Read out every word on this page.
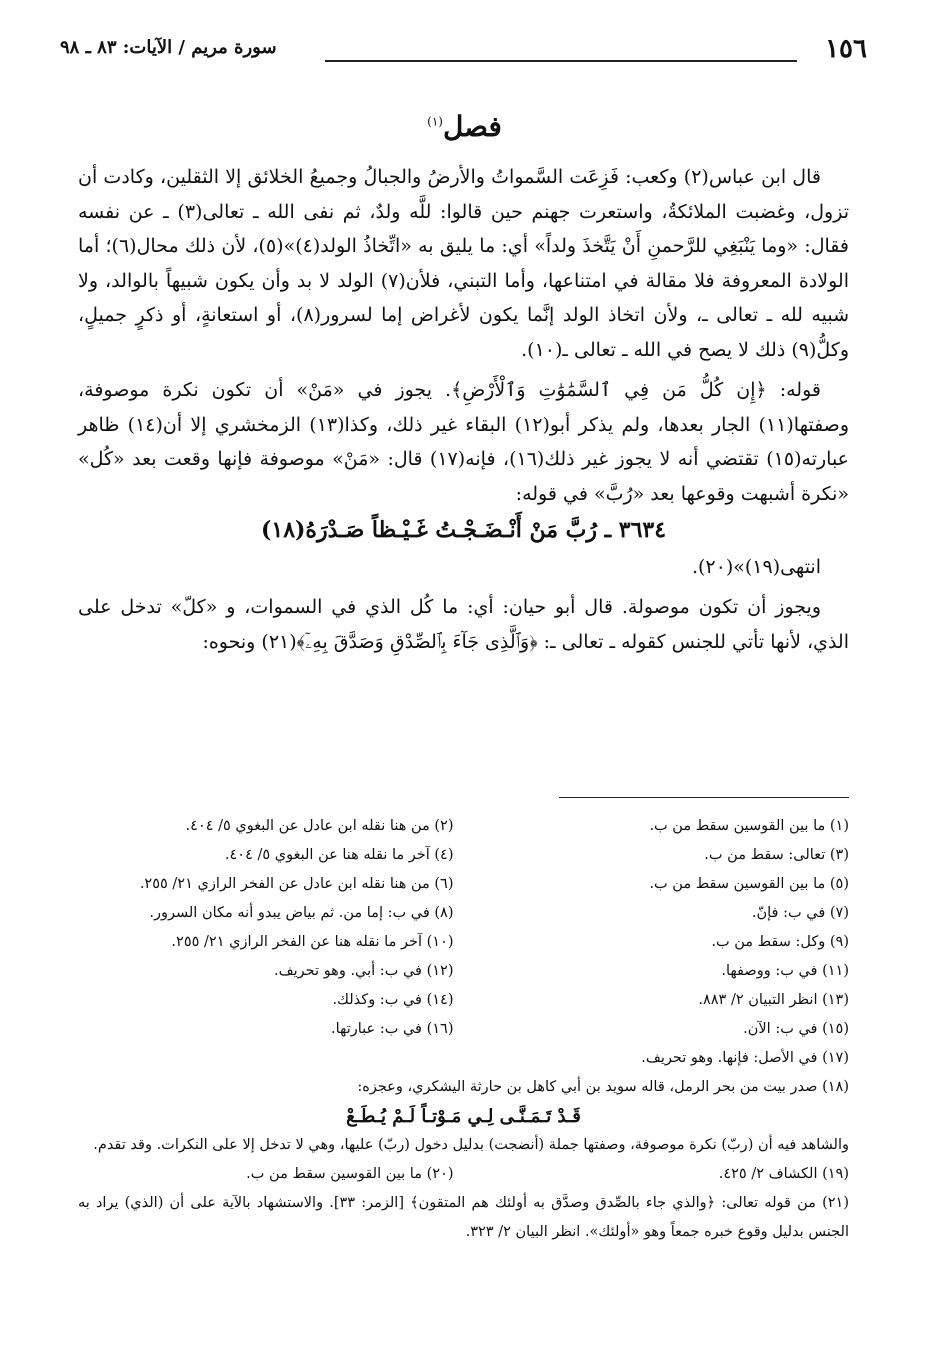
١٥٦
سورة مريم / الآيات: ٨٣ ـ ٩٨
فصل$^{(١)}$

قال ابن عباس(٢) وكعب: فَزِعَت السَّمواتُ والأرضُ والجبالُ وجميعُ الخلائق إلا الثقلين، وكادت أن تزول، وغضبت الملائكةُ، واستعرت جهنم حين قالوا: للَّه ولدٌ، ثم نفى الله ـ تعالى(٣) ـ عن نفسه فقال: «وما يَنْبَغِي للرَّحمنِ أَنْ يَتَّخذَ ولداً» أي: ما يليق به «اتِّخاذُ الولد(٤)»(٥)، لأن ذلك محال(٦)؛ أما الولادة المعروفة فلا مقالة في امتناعها، وأما التبني، فلأن(٧) الولد لا بد وأن يكون شبيهاً بالوالد، ولا شبيه لله ـ تعالى ـ، ولأن اتخاذ الولد إنَّما يكون لأغراض إما لسرور(٨)، أو استعانةٍ، أو ذكرٍ جميلٍ، وكلُّ(٩) ذلك لا يصح في الله ـ تعالى ـ(١٠).

قوله: ﴿إِن كُلُّ مَن فِي ٱلسَّمَٰوَٰتِ وَٱلْأَرْضِ﴾. يجوز في «مَنْ» أن تكون نكرة موصوفة، وصفتها(١١) الجار بعدها، ولم يذكر أبو(١٢) البقاء غير ذلك، وكذا(١٣) الزمخشري إلا أن(١٤) ظاهر عبارته(١٥) تقتضي أنه لا يجوز غير ذلك(١٦)، فإنه(١٧) قال: «مَنْ» موصوفة فإنها وقعت بعد «كُل» «نكرة أشبهت وقوعها بعد «رُبَّ» في قوله:

٣٦٣٤ ـ رُبَّ مَنْ أَنْـضَـجْـتُ غَـيْـظاً صَـدْرَهُ(١٨)

انتهى(١٩)»(٢٠).

ويجوز أن تكون موصولة. قال أبو حيان: أي: ما كُل الذي في السموات، و «كلّ» تدخل على الذي، لأنها تأتي للجنس كقوله ـ تعالى ـ: ﴿وَٱلَّذِى جَآءَ بِٱلصِّدْقِ وَصَدَّقَ بِهِۦٓ﴾(٢١) ونحوه:

(١) ما بين القوسين سقط من ب.
(٢) من هنا نقله ابن عادل عن البغوي ٥/ ٤٠٤.
(٣) تعالى: سقط من ب.
(٤) آخر ما نقله هنا عن البغوي ٥/ ٤٠٤.
(٥) ما بين القوسين سقط من ب.
(٦) من هنا نقله ابن عادل عن الفخر الرازي ٢١/ ٢٥٥.
(٧) في ب: فإنّ.
(٨) في ب: إما من. ثم بياض يبدو أنه مكان السرور.
(٩) وكل: سقط من ب.
(١٠) آخر ما نقله هنا عن الفخر الرازي ٢١/ ٢٥٥.
(١١) في ب: ووصفها.
(١٢) في ب: أبي. وهو تحريف.
(١٣) انظر التبيان ٢/ ٨٨٣.
(١٤) في ب: وكذلك.
(١٥) في ب: الآن.
(١٦) في ب: عبارتها.
(١٧) في الأصل: فإنها. وهو تحريف.
(١٨) صدر بيت من بحر الرمل، قاله سويد بن أبي كاهل بن حارثة اليشكري، وعجزه:
قَـدْ تَـمَـنَّـى لِـي مَـوْتـاً لَـمْ يُـطَـعْ
والشاهد فيه أن (ربّ) نكرة موصوفة، وصفتها جملة (أنضجت) بدليل دخول (ربّ) عليها، وهي لا تدخل إلا على النكرات. وقد تقدم.
(١٩) الكشاف ٢/ ٤٢٥.
(٢٠) ما بين القوسين سقط من ب.
(٢١) من قوله تعالى: ﴿والذي جاء بالصِّدق وصدَّق به أولئك هم المتقون﴾ [الزمر: ٣٣]. والاستشهاد بالآية على أن (الذي) يراد به الجنس بدليل وقوع خبره جمعاً وهو «أولئك». انظر البيان ٢/ ٣٢٣.
